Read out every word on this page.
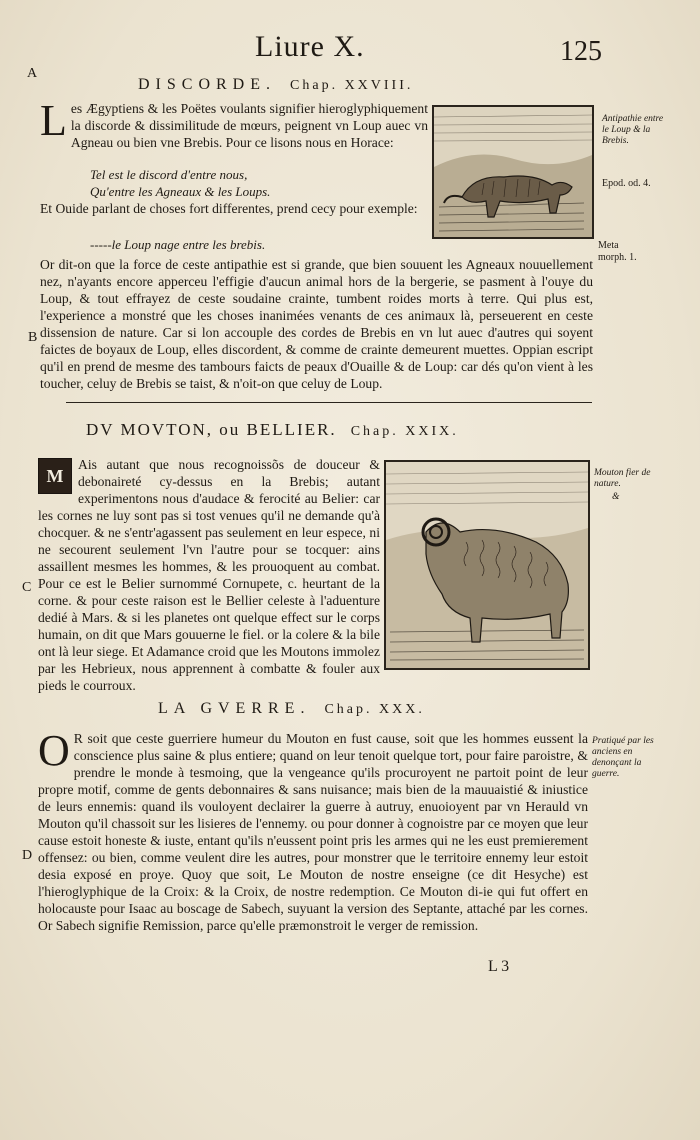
Liure X.	125
A
B
C
D
DISCORDE. Chap. XXVIII.
L es Ægyptiens & les Poëtes voulants signifier hieroglyphiquement la discorde & dissimilitude de mœurs, peignent vn Loup auec vn Agneau ou bien vne Brebis. Pour ce lisons nous en Horace:

Tel est le discord d'entre nous,
Qu'entre les Agneaux & les Loups.
Et Ouide parlant de choses fort differentes, prend cecy pour exemple:
-----le Loup nage entre les brebis.
Or dit-on que la force de ceste antipathie est si grande, que bien souuent les Agneaux nouuellement nez, n'ayants encore apperceu l'effigie d'aucun animal hors de la bergerie, se pasment à l'ouye du Loup, & tout effrayez de ceste soudaine crainte, tumbent roides morts à terre. Qui plus est, l'experience a monstré que les choses inanimées venants de ces animaux là, perseuerent en ceste dissension de nature. Car si lon accouple des cordes de Brebis en vn lut auec d'autres qui soyent faictes de boyaux de Loup, elles discordent, & comme de crainte demeurent muettes. Oppian escript qu'il en prend de mesme des tambours faicts de peaux d'Ouaille & de Loup: car dés qu'on vient à les toucher, celuy de Brebis se taist, & n'oit-on que celuy de Loup.
Antipathie entre le Loup & la Brebis.
Epod. od. 4.
Meta morph. 1.
DV MOVTON, ou BELLIER. Chap. XXIX.
M

Ais autant que nous recognoissõs de douceur & debonaireté cy-dessus en la Brebis; autant experimentons nous d'audace & ferocité au Belier: car les cornes ne luy sont pas si tost venues qu'il ne demande qu'à chocquer. & ne s'entr'agassent pas seulement en leur espece, ni ne secourent seulement l'vn l'autre pour se tocquer: ains assaillent mesmes les hommes, & les prouoquent au combat. Pour ce est le Belier surnommé Cornupete, c. heurtant de la corne. & pour ceste raison est le Bellier celeste à l'aduenture dedié à Mars. & si les planetes ont quelque effect sur le corps humain, on dit que Mars gouuerne le fiel. or la colere & la bile ont là leur siege. Et Adamance croid que les Moutons immolez par les Hebrieux, nous apprennent à combatte & fouler aux pieds le courroux.

Mouton fier de nature.
&
LA GVERRE. Chap. XXX.
O R soit que ceste guerriere humeur du Mouton en fust cause, soit que les hommes eussent la conscience plus saine & plus entiere; quand on leur tenoit quelque tort, pour faire paroistre, & prendre le monde à tesmoing, que la vengeance qu'ils procuroyent ne partoit point de leur propre motif, comme de gents debonnaires & sans nuisance; mais bien de la mauuaistié & iniustice de leurs ennemis: quand ils vouloyent declairer la guerre à autruy, enuoioyent par vn Herauld vn Mouton qu'il chassoit sur les lisieres de l'ennemy. ou pour donner à cognoistre par ce moyen que leur cause estoit honeste & iuste, entant qu'ils n'eussent point pris les armes qui ne les eust premierement offensez: ou bien, comme veulent dire les autres, pour monstrer que le territoire ennemy leur estoit desia exposé en proye. Quoy que soit, Le Mouton de nostre enseigne (ce dit Hesyche) est l'hieroglyphique de la Croix: & la Croix, de nostre redemption. Ce Mouton di-ie qui fut offert en holocauste pour Isaac au boscage de Sabech, suyuant la version des Septante, attaché par les cornes. Or Sabech signifie Remission, parce qu'elle præmonstroit le verger de remission.

Pratiqué par les anciens en denonçant la guerre.
L 3
